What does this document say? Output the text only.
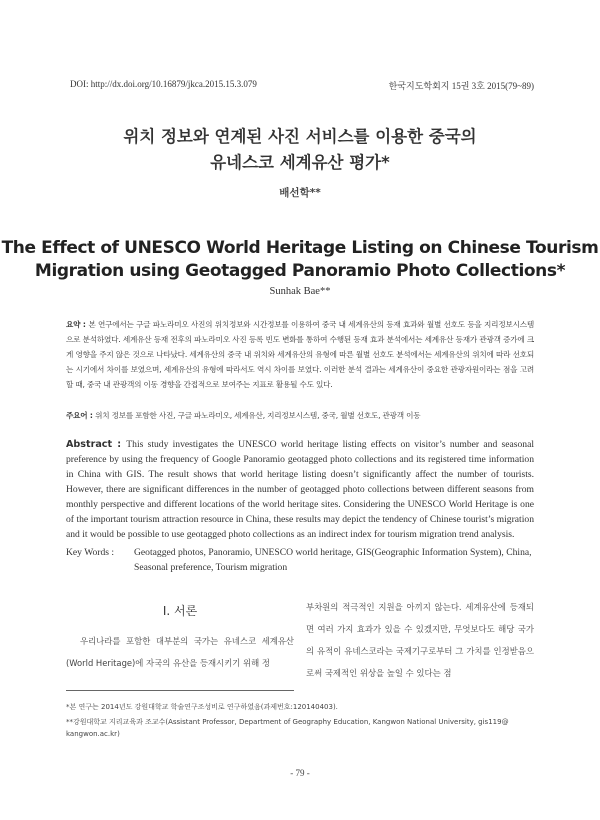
DOI: http://dx.doi.org/10.16879/jkca.2015.15.3.079	한국지도학회지 15권 3호 2015(79~89)
위치 정보와 연계된 사진 서비스를 이용한 중국의
유네스코 세계유산 평가*
배선학**
The Effect of UNESCO World Heritage Listing on Chinese Tourism
Migration using Geotagged Panoramio Photo Collections*
Sunhak Bae**
요약 : 본 연구에서는 구글 파노라미오 사진의 위치정보와 시간정보를 이용하여 중국 내 세계유산의 등재 효과와 월별 선호도 등을 지리정보시스템으로 분석하였다. 세계유산 등재 전후의 파노라미오 사진 등록 빈도 변화를 통하여 수행된 등재 효과 분석에서는 세계유산 등재가 관광객 증가에 크게 영향을 주지 않은 것으로 나타났다. 세계유산의 중국 내 위치와 세계유산의 유형에 따른 월별 선호도 분석에서는 세계유산의 위치에 따라 선호되는 시기에서 차이를 보였으며, 세계유산의 유형에 따라서도 역시 차이를 보였다. 이러한 분석 결과는 세계유산이 중요한 관광자원이라는 점을 고려할 때, 중국 내 관광객의 이동 경향을 간접적으로 보여주는 지표로 활용될 수도 있다.
주요어 : 위치 정보를 포함한 사진, 구글 파노라미오, 세계유산, 지리정보시스템, 중국, 월별 선호도, 관광객 이동
Abstract : This study investigates the UNESCO world heritage listing effects on visitor’s number and seasonal preference by using the frequency of Google Panoramio geotagged photo collections and its registered time information in China with GIS. The result shows that world heritage listing doesn’t significantly affect the number of tourists. However, there are significant differences in the number of geotagged photo collections between different seasons from monthly perspective and different locations of the world heritage sites. Considering the UNESCO World Heritage is one of the important tourism attraction resource in China, these results may depict the tendency of Chinese tourist’s migration and it would be possible to use geotagged photo collections as an indirect index for tourism migration trend analysis.
Key Words : Geotagged photos, Panoramio, UNESCO world heritage, GIS(Geographic Information System), China, Seasonal preference, Tourism migration
I. 서론
우리나라를 포함한 대부분의 국가는 유네스코 세계유산(World Heritage)에 자국의 유산을 등재시키기 위해 정
부차원의 적극적인 지원을 아끼지 않는다. 세계유산에 등재되면 여러 가지 효과가 있을 수 있겠지만, 무엇보다도 해당 국가의 유적이 유네스코라는 국제기구로부터 그 가치를 인정받음으로써 국제적인 위상을 높일 수 있다는 점
*본 연구는 2014년도 강원대학교 학술연구조성비로 연구하였음(과제번호:120140403).
**강원대학교 지리교육과 조교수(Assistant Professor, Department of Geography Education, Kangwon National University, gis119@
kangwon.ac.kr)
- 79 -
